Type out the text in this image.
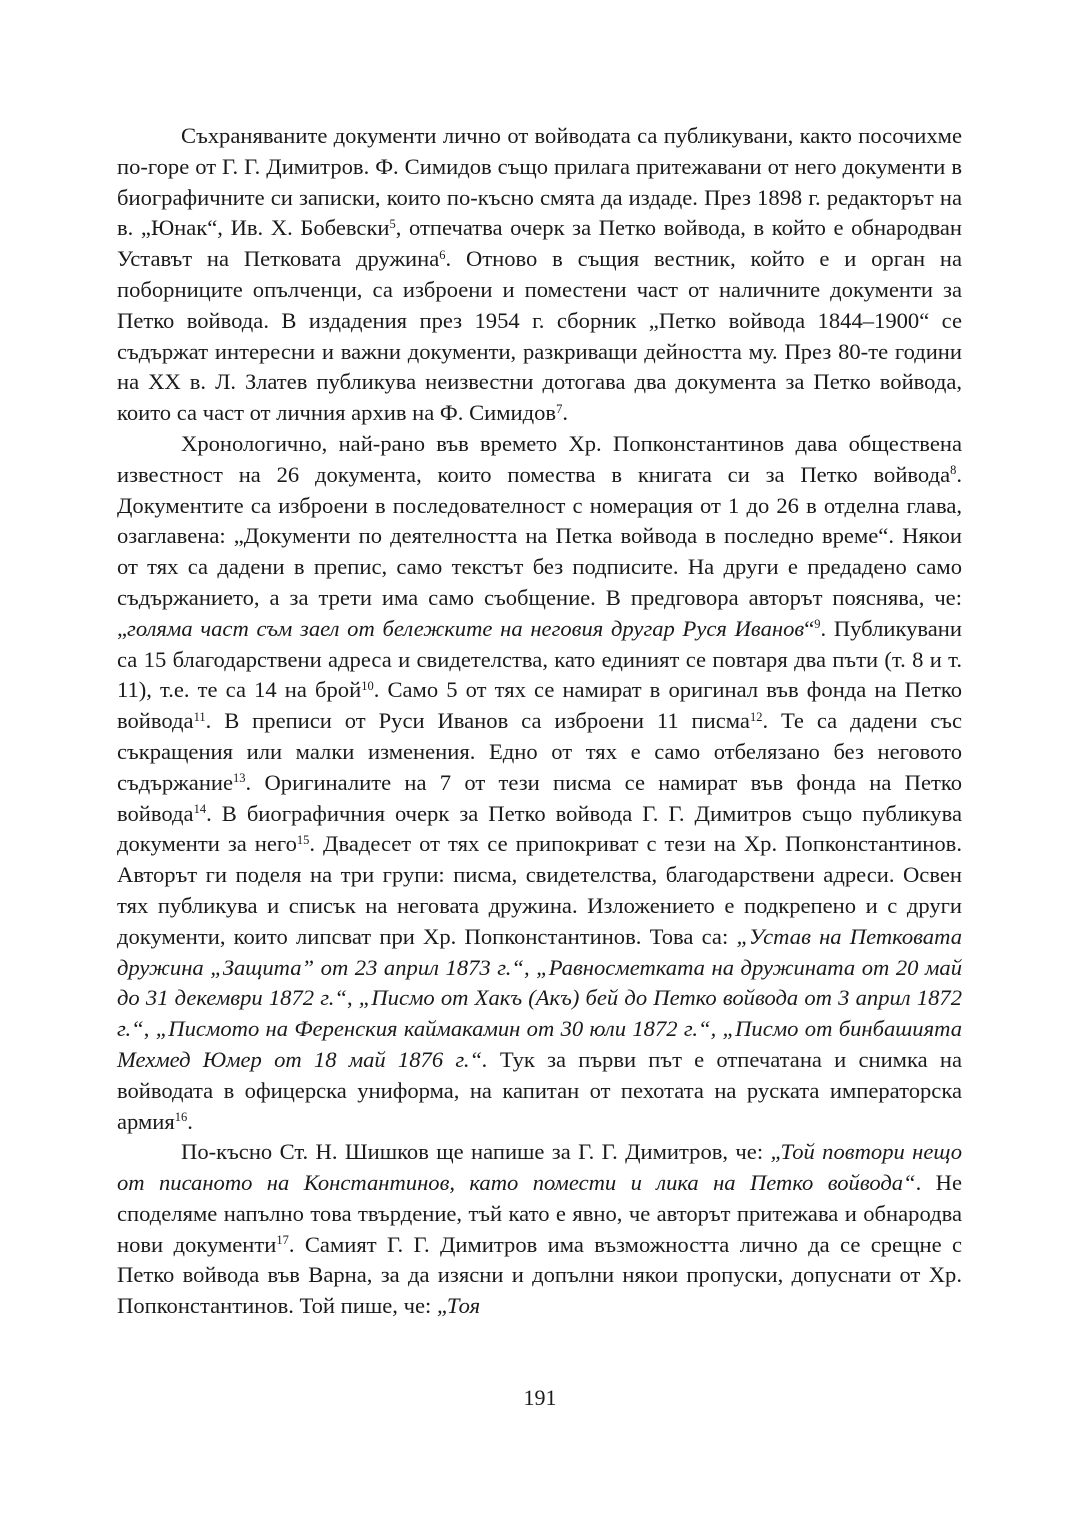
Съхраняваните документи лично от войводата са публикувани, както посочихме по-горе от Г. Г. Димитров. Ф. Симидов също прилага притежавани от него документи в биографичните си записки, които по-късно смята да издаде. През 1898 г. редакторът на в. „Юнак“, Ив. Х. Бобевски$^5$, отпечатва очерк за Петко войвода, в който е обнародван Уставът на Петковата дружина$^6$. Отново в същия вестник, който е и орган на поборниците опълченци, са изброени и поместени част от наличните документи за Петко войвода. В издадения през 1954 г. сборник „Петко войвода 1844–1900“ се съдържат интересни и важни документи, разкриващи дейността му. През 80-те години на ХХ в. Л. Златев публикува неизвестни дотогава два документа за Петко войвода, които са част от личния архив на Ф. Симидов$^7$.

Хронологично, най-рано във времето Хр. Попконстантинов дава обществена известност на 26 документа, които помества в книгата си за Петко войвода$^8$. Документите са изброени в последователност с номерация от 1 до 26 в отделна глава, озаглавена: „Документи по деятелността на Петка войвода в последно време“. Някои от тях са дадени в препис, само текстът без подписите. На други е предадено само съдържанието, а за трети има само съобщение. В предговора авторът пояснява, че: „голяма част съм заел от бележките на неговия другар Руся Иванов“$^9$. Публикувани са 15 благодарствени адреса и свидетелства, като единият се повтаря два пъти (т. 8 и т. 11), т.е. те са 14 на брой$^{10}$. Само 5 от тях се намират в оригинал във фонда на Петко войвода$^{11}$. В преписи от Руси Иванов са изброени 11 писма$^{12}$. Те са дадени със съкращения или малки изменения. Едно от тях е само отбелязано без неговото съдържание$^{13}$. Оригиналите на 7 от тези писма се намират във фонда на Петко войвода$^{14}$. В биографичния очерк за Петко войвода Г. Г. Димитров също публикува документи за него$^{15}$. Двадесет от тях се припокриват с тези на Хр. Попконстантинов. Авторът ги поделя на три групи: писма, свидетелства, благодарствени адреси. Освен тях публикува и списък на неговата дружина. Изложението е подкрепено и с други документи, които липсват при Хр. Попконстантинов. Това са: „Устав на Петковата дружина „Защита” от 23 април 1873 г.“, „Равносметката на дружината от 20 май до 31 декември 1872 г.“, „Писмо от Хакъ (Акъ) бей до Петко войвода от 3 април 1872 г.“, „Писмото на Ференския каймакамин от 30 юли 1872 г.“, „Писмо от бинбашията Мехмед Юмер от 18 май 1876 г.“. Тук за първи път е отпечатана и снимка на войводата в офицерска униформа, на капитан от пехотата на руската императорска армия$^{16}$.

По-късно Ст. Н. Шишков ще напише за Г. Г. Димитров, че: „Той повтори нещо от писаното на Константинов, като помести и лика на Петко войвода“. Не споделяме напълно това твърдение, тъй като е явно, че авторът притежава и обнародва нови документи$^{17}$. Самият Г. Г. Димитров има възможността лично да се срещне с Петко войвода във Варна, за да изясни и допълни някои пропуски, допуснати от Хр. Попконстантинов. Той пише, че: „Тоя

191
